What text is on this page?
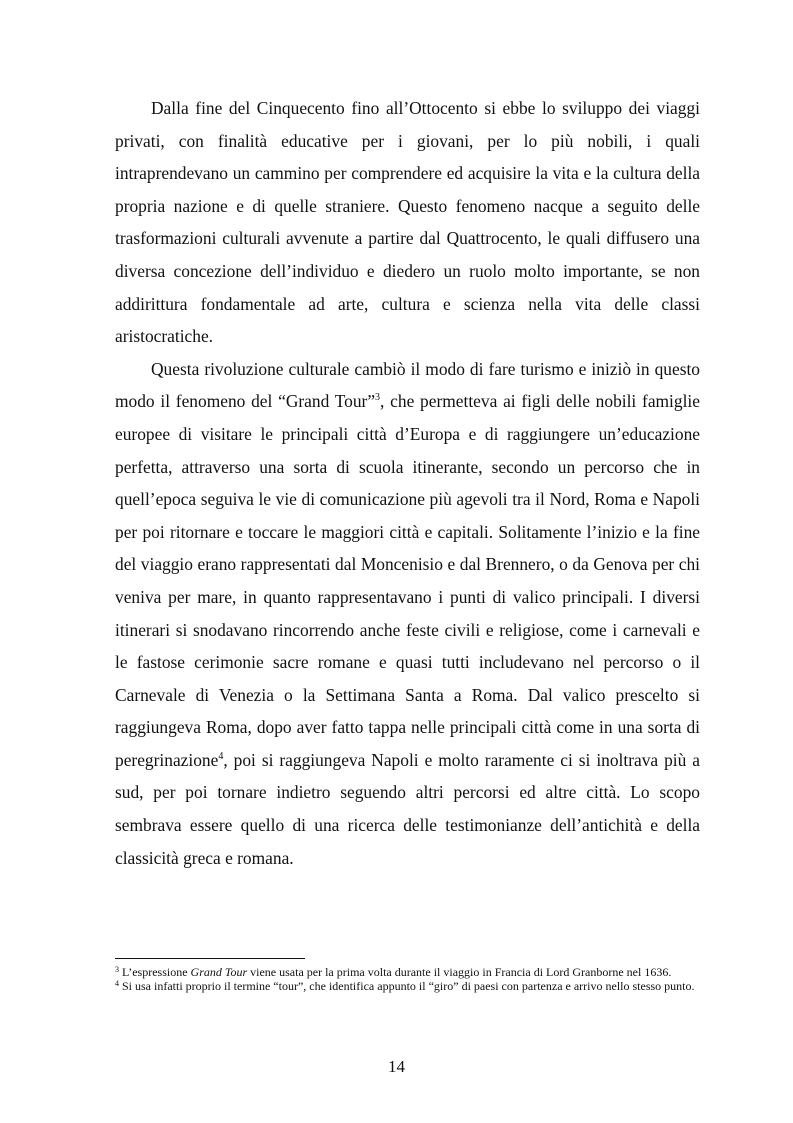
Dalla fine del Cinquecento fino all’Ottocento si ebbe lo sviluppo dei viaggi privati, con finalità educative per i giovani, per lo più nobili, i quali intraprendevano un cammino per comprendere ed acquisire la vita e la cultura della propria nazione e di quelle straniere. Questo fenomeno nacque a seguito delle trasformazioni culturali avvenute a partire dal Quattrocento, le quali diffusero una diversa concezione dell’individuo e diedero un ruolo molto importante, se non addirittura fondamentale ad arte, cultura e scienza nella vita delle classi aristocratiche.

Questa rivoluzione culturale cambiò il modo di fare turismo e iniziò in questo modo il fenomeno del “Grand Tour”$^3$, che permetteva ai figli delle nobili famiglie europee di visitare le principali città d’Europa e di raggiungere un’educazione perfetta, attraverso una sorta di scuola itinerante, secondo un percorso che in quell’epoca seguiva le vie di comunicazione più agevoli tra il Nord, Roma e Napoli per poi ritornare e toccare le maggiori città e capitali. Solitamente l’inizio e la fine del viaggio erano rappresentati dal Moncenisio e dal Brennero, o da Genova per chi veniva per mare, in quanto rappresentavano i punti di valico principali. I diversi itinerari si snodavano rincorrendo anche feste civili e religiose, come i carnevali e le fastose cerimonie sacre romane e quasi tutti includevano nel percorso o il Carnevale di Venezia o la Settimana Santa a Roma. Dal valico prescelto si raggiungeva Roma, dopo aver fatto tappa nelle principali città come in una sorta di peregrinazione$^4$, poi si raggiungeva Napoli e molto raramente ci si inoltrava più a sud, per poi tornare indietro seguendo altri percorsi ed altre città. Lo scopo sembrava essere quello di una ricerca delle testimonianze dell’antichità e della classicità greca e romana.

$^3$ L’espressione Grand Tour viene usata per la prima volta durante il viaggio in Francia di Lord Granborne nel 1636.

$^4$ Si usa infatti proprio il termine “tour”, che identifica appunto il “giro” di paesi con partenza e arrivo nello stesso punto.

14
